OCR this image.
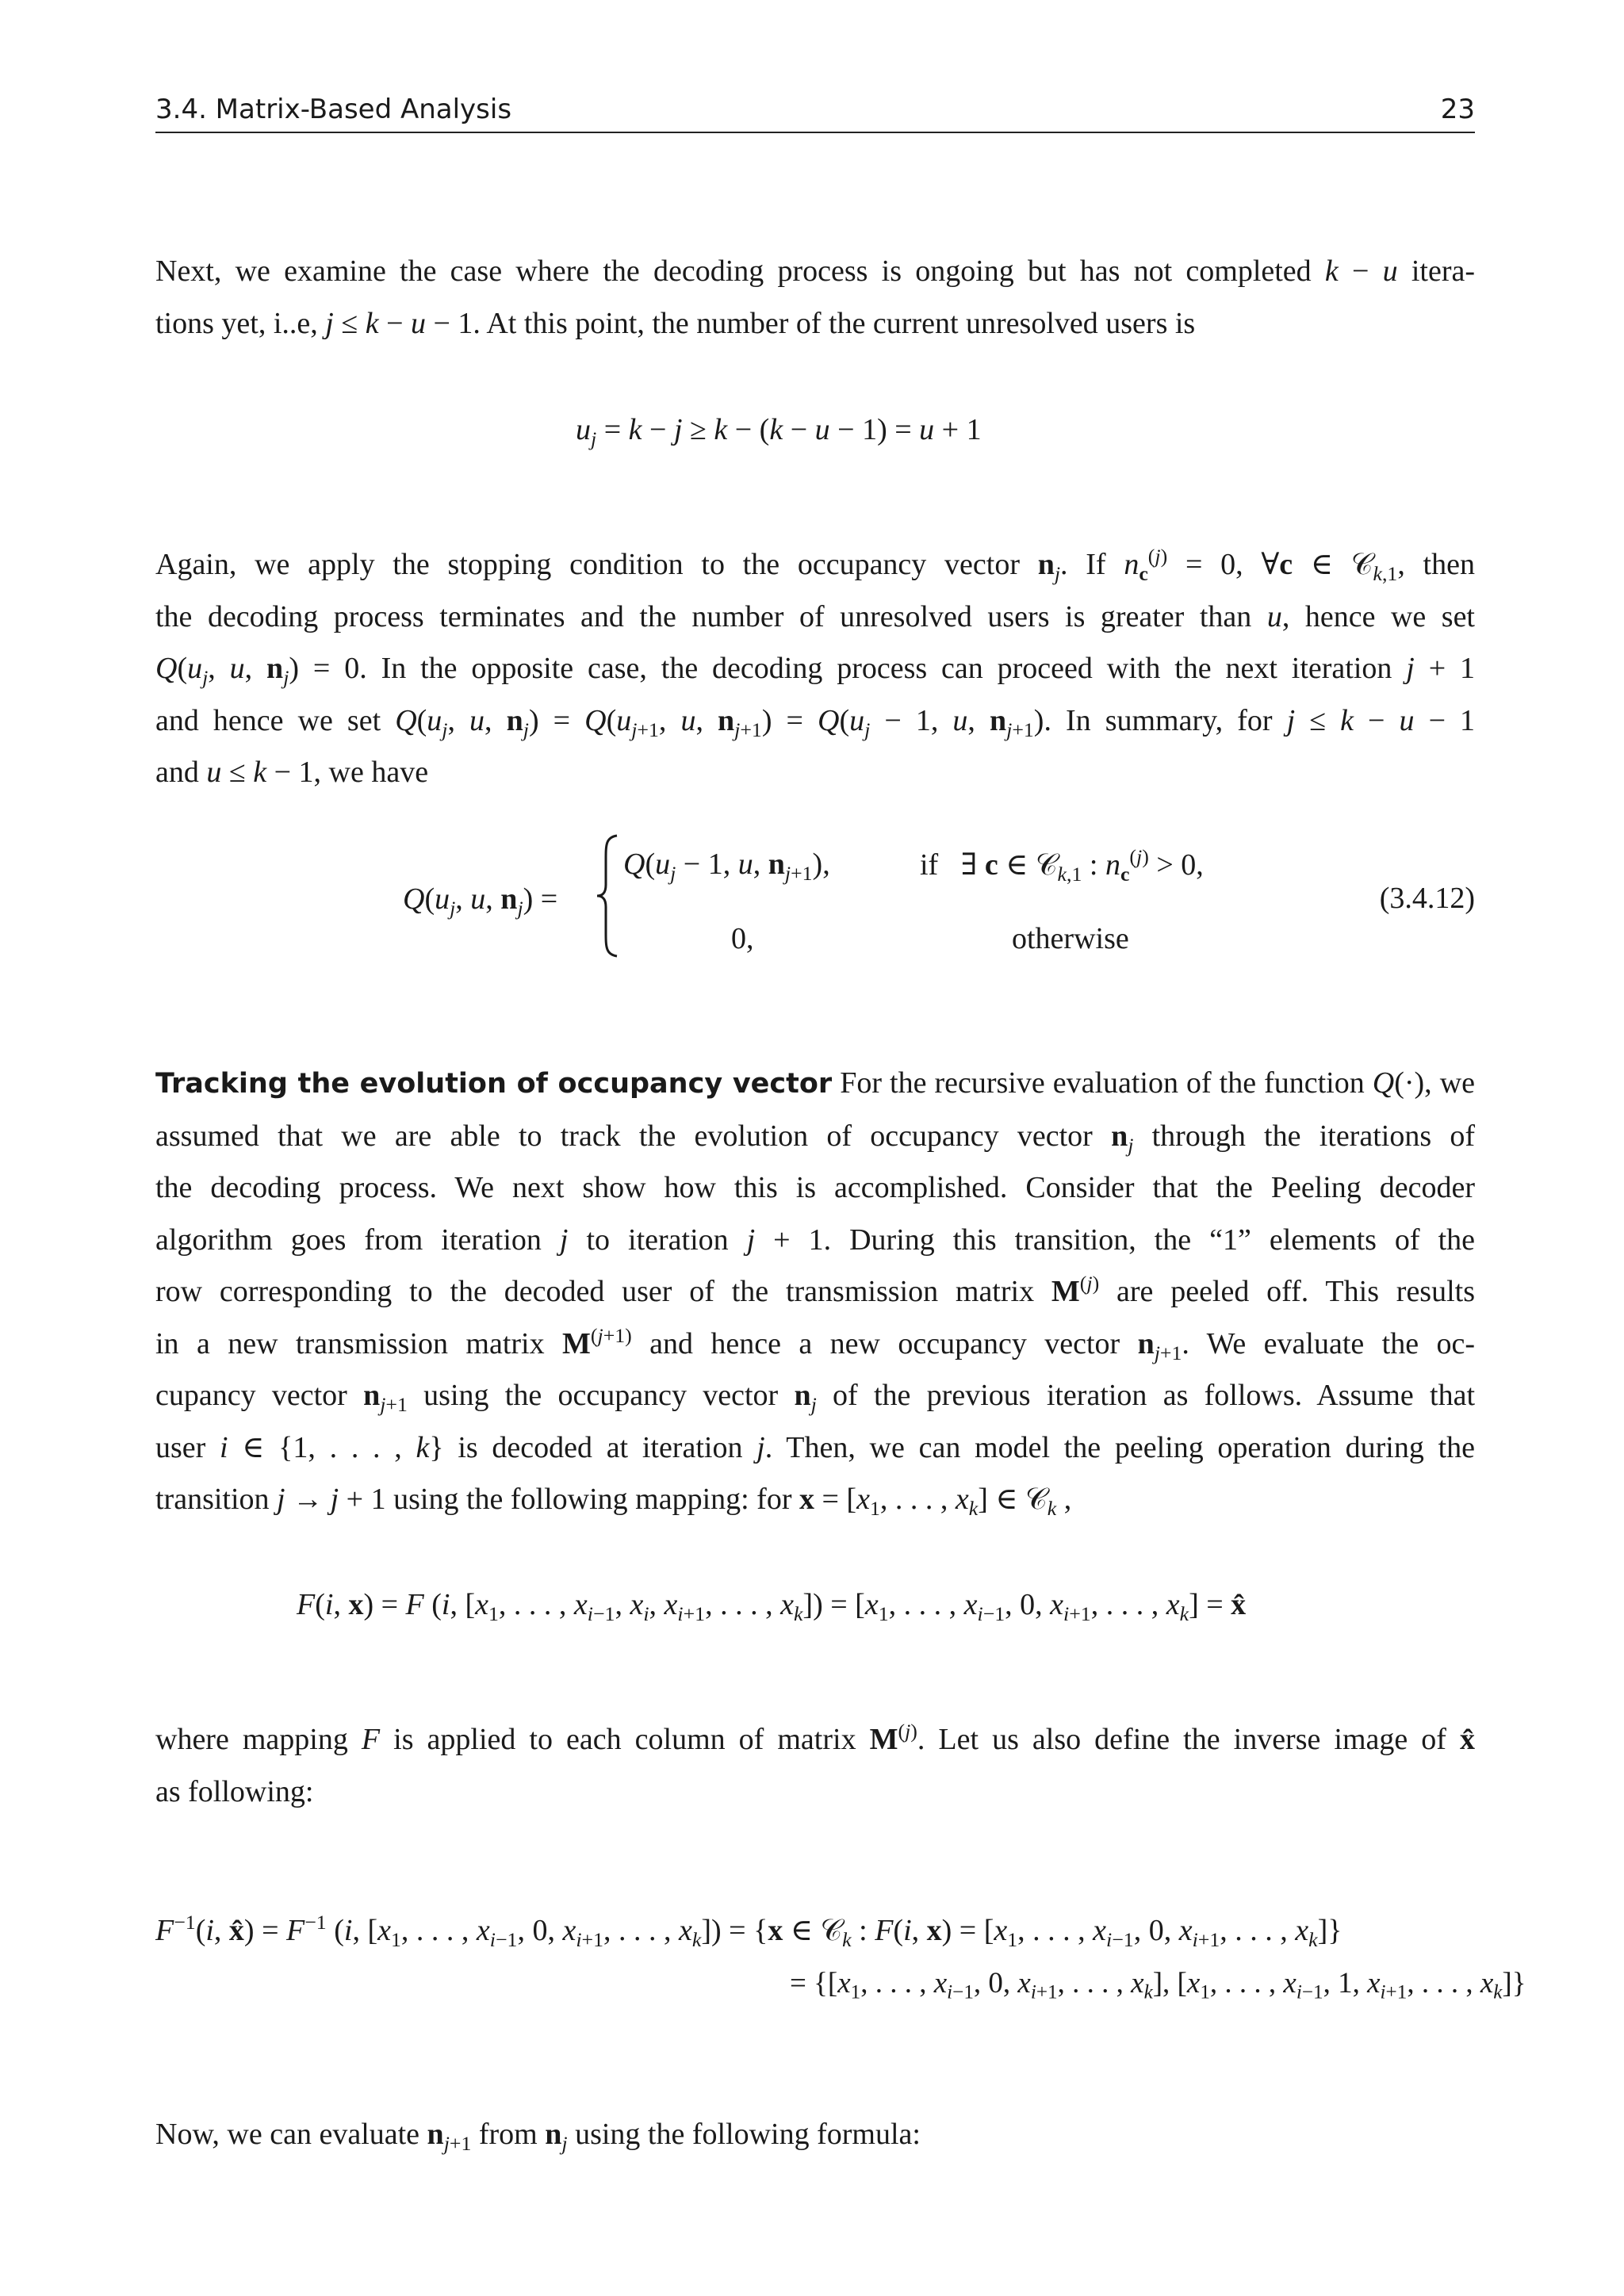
3.4. Matrix-Based Analysis	23
Next, we examine the case where the decoding process is ongoing but has not completed k − u itera-
tions yet, i..e, j ≤ k − u − 1. At this point, the number of the current unresolved users is
$u_j = k - j \ge k - (k - u - 1) = u + 1$
Again, we apply the stopping condition to the occupancy vector $n_j$. If $n_c^{(j)} = 0$, ∀c ∈ 𝒞$_{k,1}$, then
the decoding process terminates and the number of unresolved users is greater than u, hence we set
$Q(u_j$, u, $n_j) = 0$. In the opposite case, the decoding process can proceed with the next iteration j + 1
and hence we set $Q(u_j$, u, $n_j) = Q(u_{j+1}$, u, $n_{j+1}) = Q(u_j - 1$, u, $n_{j+1}$). In summary, for j ≤ k − u − 1
and u ≤ k − 1, we have
$Q(u_j$, u, $n_j$) =
$Q(u_j - 1$, u, $n_{j+1}$),	if   ∃ c ∈ 𝒞$_{k,1}$ : $n_c^{(j)} > 0$,
0,	otherwise
(3.4.12)
Tracking the evolution of occupancy vector For the recursive evaluation of the function Q(·), we
assumed that we are able to track the evolution of occupancy vector $n_j$ through the iterations of
the decoding process. We next show how this is accomplished. Consider that the Peeling decoder
algorithm goes from iteration j to iteration j + 1. During this transition, the “1” elements of the
row corresponding to the decoded user of the transmission matrix $M^{(j)}$ are peeled off. This results
in a new transmission matrix $M^{(j+1)}$ and hence a new occupancy vector $n_{j+1}$. We evaluate the oc-
cupancy vector $n_{j+1}$ using the occupancy vector $n_j$ of the previous iteration as follows. Assume that
user i ∈ {1, . . . , k} is decoded at iteration j. Then, we can model the peeling operation during the
transition j → j + 1 using the following mapping: for $x = [x_1$, . . . , $x_k$] ∈ 𝒞$_k$ ,
F(i, x) = F (i, [$x_1$, . . . , $x_{i-1}$, $x_i$, $x_{i+1}$, . . . , $x_k]) = [x_1$, . . . , $x_{i-1}$, 0, $x_{i+1}$, . . . , $x_k$] = x̂
where mapping F is applied to each column of matrix $M^{(j)}$. Let us also define the inverse image of x̂
as following:
$F^{-1}(i$, x̂) = $F^{-1}$ (i, [$x_1$, . . . , $x_{i-1}$, 0, $x_{i+1}$, . . . , $x_k]) = \{x$ ∈ 𝒞$_k$ : F(i, $x) = [x_1$, . . . , $x_{i-1}$, 0, $x_{i+1}$, . . . , $x_k$]}
= {[$x_1$, . . . , $x_{i-1}$, 0, $x_{i+1}$, . . . , $x_k$], [$x_1$, . . . , $x_{i-1}$, 1, $x_{i+1}$, . . . , $x_k$]}
Now, we can evaluate $n_{j+1}$ from $n_j$ using the following formula:
